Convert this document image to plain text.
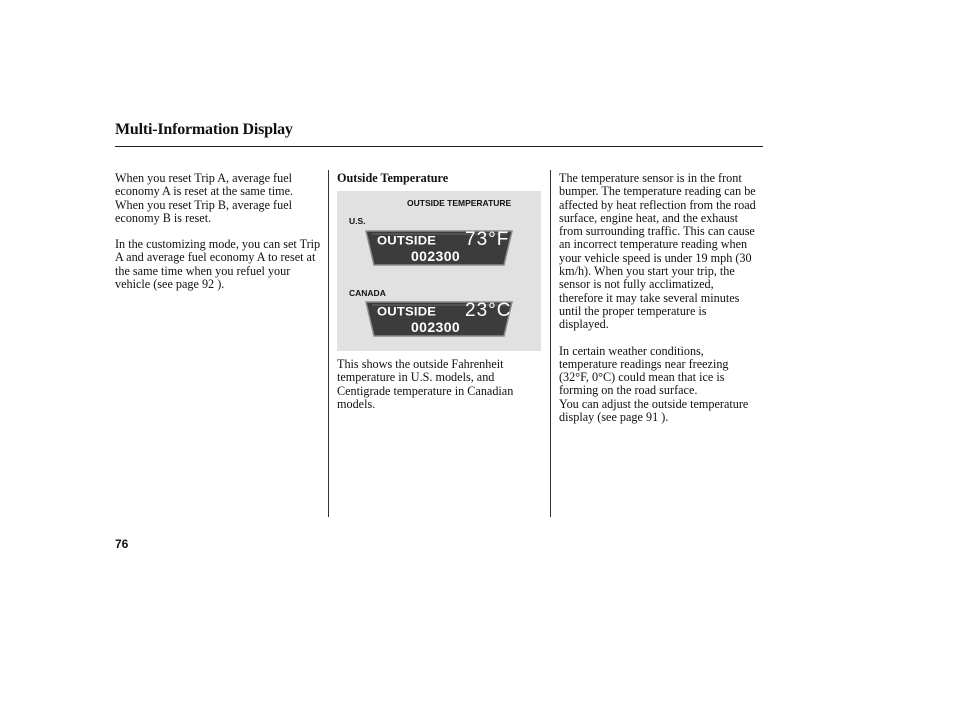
Multi-Information Display

When you reset Trip A, average fuel economy A is reset at the same time. When you reset Trip B, average fuel economy B is reset.

In the customizing mode, you can set Trip A and average fuel economy A to reset at the same time when you refuel your vehicle (see page 92 ).

Outside Temperature
OUTSIDE TEMPERATURE
U.S.
OUTSIDE 73°F
002300
CANADA
OUTSIDE 23°C
002300

This shows the outside Fahrenheit temperature in U.S. models, and Centigrade temperature in Canadian models.

The temperature sensor is in the front bumper. The temperature reading can be affected by heat reflection from the road surface, engine heat, and the exhaust from surrounding traffic. This can cause an incorrect temperature reading when your vehicle speed is under 19 mph (30 km/h). When you start your trip, the sensor is not fully acclimatized, therefore it may take several minutes until the proper temperature is displayed.

In certain weather conditions, temperature readings near freezing (32°F, 0°C) could mean that ice is forming on the road surface.

You can adjust the outside temperature display (see page 91 ).

76
